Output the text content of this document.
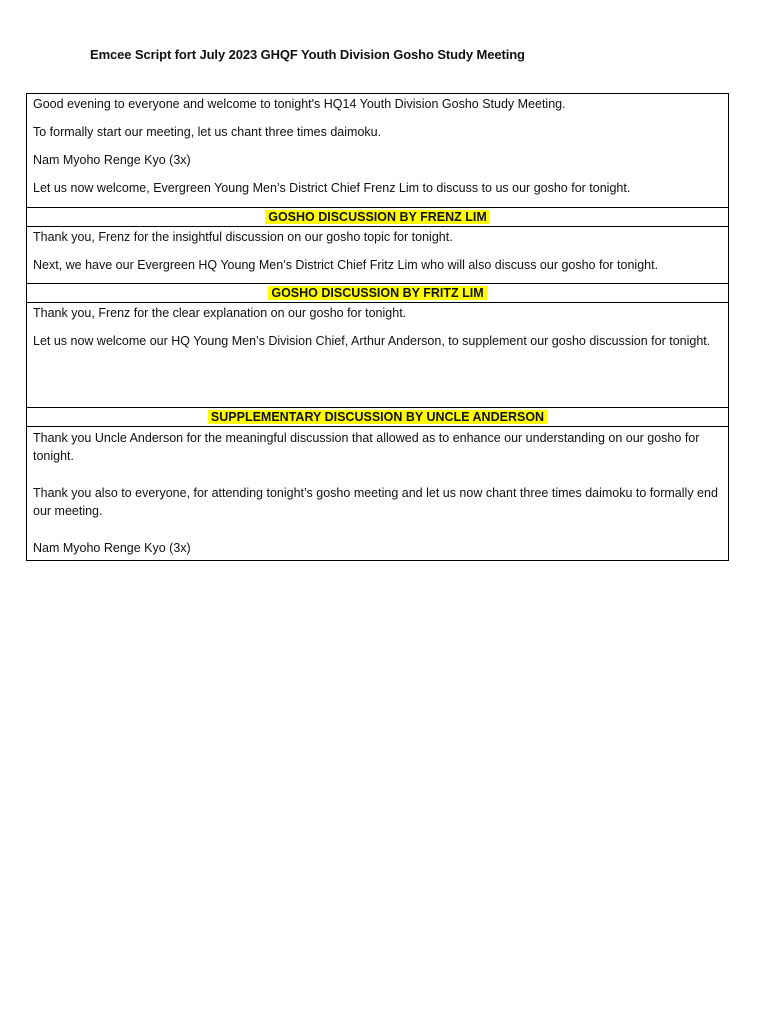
Emcee Script fort July 2023 GHQF Youth Division Gosho Study Meeting

Good evening to everyone and welcome to tonight's HQ14 Youth Division Gosho Study Meeting.

To formally start our meeting, let us chant three times daimoku.

Nam Myoho Renge Kyo (3x)

Let us now welcome, Evergreen Young Men’s District Chief Frenz Lim to discuss to us our gosho for tonight.

GOSHO DISCUSSION BY FRENZ LIM

Thank you, Frenz for the insightful discussion on our gosho topic for tonight.

Next, we have our Evergreen HQ Young Men’s District Chief Fritz Lim who will also discuss our gosho for tonight.

GOSHO DISCUSSION BY FRITZ LIM

Thank you, Frenz for the clear explanation on our gosho for tonight.

Let us now welcome our HQ Young Men’s Division Chief, Arthur Anderson, to supplement our gosho discussion for tonight.

SUPPLEMENTARY DISCUSSION BY UNCLE ANDERSON

Thank you Uncle Anderson for the meaningful discussion that allowed as to enhance our understanding on our gosho for tonight.

Thank you also to everyone, for attending tonight’s gosho meeting and let us now chant three times daimoku to formally end our meeting.

Nam Myoho Renge Kyo (3x)
